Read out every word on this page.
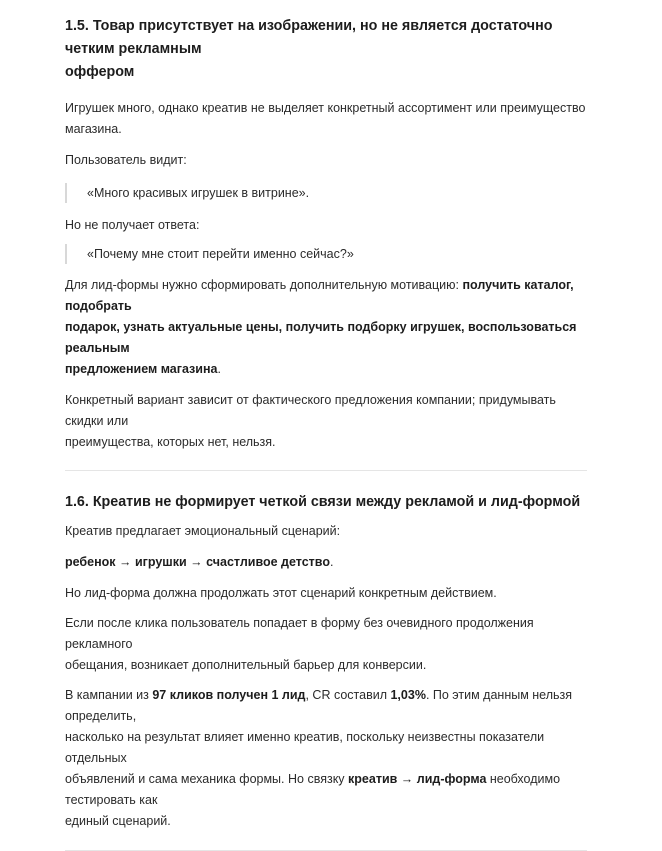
1.5. Товар присутствует на изображении, но не является достаточно четким рекламным
оффером

Игрушек много, однако креатив не выделяет конкретный ассортимент или преимущество магазина.

Пользователь видит:

«Много красивых игрушек в витрине».

Но не получает ответа:

«Почему мне стоит перейти именно сейчас?»

Для лид-формы нужно сформировать дополнительную мотивацию: получить каталог, подобрать
подарок, узнать актуальные цены, получить подборку игрушек, воспользоваться реальным
предложением магазина.

Конкретный вариант зависит от фактического предложения компании; придумывать скидки или
преимущества, которых нет, нельзя.

1.6. Креатив не формирует четкой связи между рекламой и лид-формой

Креатив предлагает эмоциональный сценарий:

ребенок → игрушки → счастливое детство.

Но лид-форма должна продолжать этот сценарий конкретным действием.

Если после клика пользователь попадает в форму без очевидного продолжения рекламного
обещания, возникает дополнительный барьер для конверсии.

В кампании из 97 кликов получен 1 лид, CR составил 1,03%. По этим данным нельзя определить,
насколько на результат влияет именно креатив, поскольку неизвестны показатели отдельных
объявлений и сама механика формы. Но связку креатив → лид-форма необходимо тестировать как
единый сценарий.
